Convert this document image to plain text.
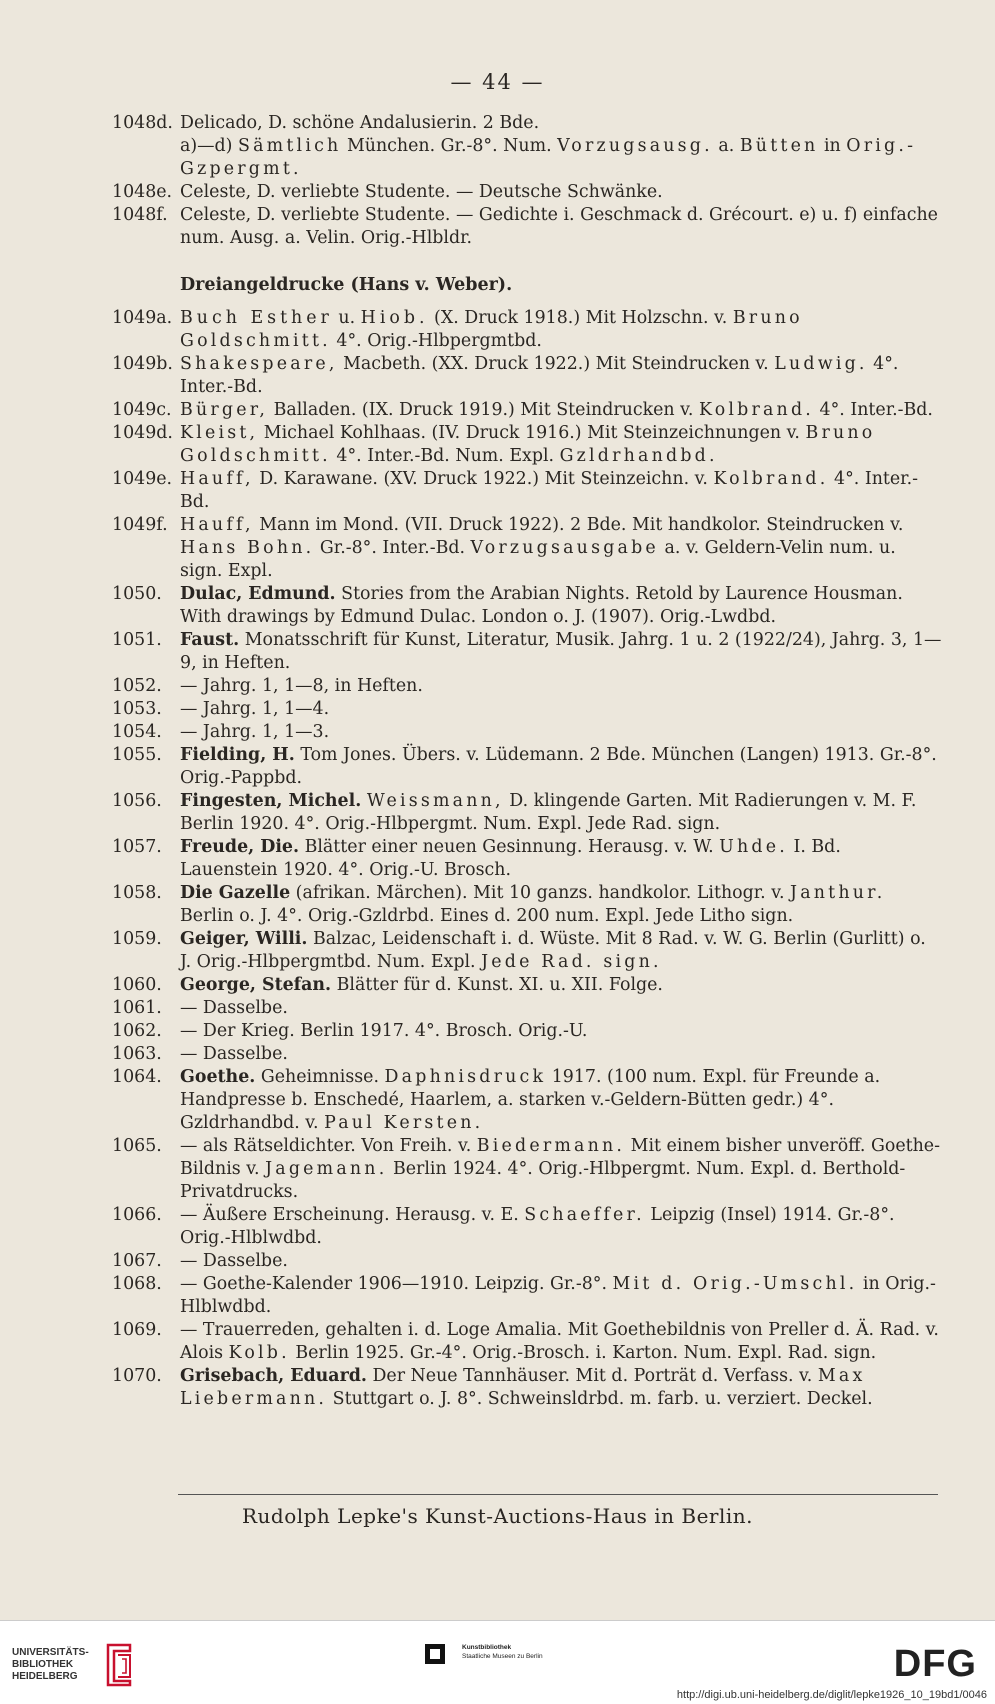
— 44 —
1048d. Delicado, D. schöne Andalusierin. 2 Bde.
a)—d) Sämtlich München. Gr.-8°. Num. Vorzugsausg. a. Bütten in Orig.-Gzpergmt.
1048e. Celeste, D. verliebte Studente. — Deutsche Schwänke.
1048f. Celeste, D. verliebte Studente. — Gedichte i. Geschmack d. Grécourt. e) u. f) einfache num. Ausg. a. Velin. Orig.-Hlbldr.
Dreiangeldrucke (Hans v. Weber).
1049a. Buch Esther u. Hiob. (X. Druck 1918.) Mit Holzschn. v. Bruno Goldschmitt. 4°. Orig.-Hlbpergmtbd.
1049b. Shakespeare, Macbeth. (XX. Druck 1922.) Mit Steindrucken v. Ludwig. 4°. Inter.-Bd.
1049c. Bürger, Balladen. (IX. Druck 1919.) Mit Steindrucken v. Kolbrand. 4°. Inter.-Bd.
1049d. Kleist, Michael Kohlhaas. (IV. Druck 1916.) Mit Steinzeichnungen v. Bruno Goldschmitt. 4°. Inter.-Bd. Num. Expl. Gzldrhandbd.
1049e. Hauff, D. Karawane. (XV. Druck 1922.) Mit Steinzeichn. v. Kolbrand. 4°. Inter.-Bd.
1049f. Hauff, Mann im Mond. (VII. Druck 1922). 2 Bde. Mit handkolor. Steindrucken v. Hans Bohn. Gr.-8°. Inter.-Bd. Vorzugsausgabe a. v. Geldern-Velin num. u. sign. Expl.
1050.	Dulac, Edmund. Stories from the Arabian Nights. Retold by Laurence Housman. With drawings by Edmund Dulac. London o. J. (1907). Orig.-Lwdbd.
1051.	Faust. Monatsschrift für Kunst, Literatur, Musik. Jahrg. 1 u. 2 (1922/24), Jahrg. 3, 1—9, in Heften.
1052.	— Jahrg. 1, 1—8, in Heften.
1053.	— Jahrg. 1, 1—4.
1054.	— Jahrg. 1, 1—3.
1055.	Fielding, H. Tom Jones. Übers. v. Lüdemann. 2 Bde. München (Langen) 1913. Gr.-8°. Orig.-Pappbd.
1056.	Fingesten, Michel. Weissmann, D. klingende Garten. Mit Radierungen v. M. F. Berlin 1920. 4°. Orig.-Hlbpergmt. Num. Expl. Jede Rad. sign.
1057.	Freude, Die. Blätter einer neuen Gesinnung. Herausg. v. W. Uhde. I. Bd. Lauenstein 1920. 4°. Orig.-U. Brosch.
1058.	Die Gazelle (afrikan. Märchen). Mit 10 ganzs. handkolor. Lithogr. v. Janthur. Berlin o. J. 4°. Orig.-Gzldrbd. Eines d. 200 num. Expl. Jede Litho sign.
1059.	Geiger, Willi. Balzac, Leidenschaft i. d. Wüste. Mit 8 Rad. v. W. G. Berlin (Gurlitt) o. J. Orig.-Hlbpergmtbd. Num. Expl. Jede Rad. sign.
1060.	George, Stefan. Blätter für d. Kunst. XI. u. XII. Folge.
1061.	— Dasselbe.
1062.	— Der Krieg. Berlin 1917. 4°. Brosch. Orig.-U.
1063.	— Dasselbe.
1064.	Goethe. Geheimnisse. Daphnisdruck 1917. (100 num. Expl. für Freunde a. Handpresse b. Enschedé, Haarlem, a. starken v.-Geldern-Bütten gedr.) 4°. Gzldrhandbd. v. Paul Kersten.
1065.	— als Rätseldichter. Von Freih. v. Biedermann. Mit einem bisher unveröff. Goethe-Bildnis v. Jagemann. Berlin 1924. 4°. Orig.-Hlbpergmt. Num. Expl. d. Berthold-Privatdrucks.
1066.	— Äußere Erscheinung. Herausg. v. E. Schaeffer. Leipzig (Insel) 1914. Gr.-8°. Orig.-Hlblwdbd.
1067.	— Dasselbe.
1068.	— Goethe-Kalender 1906—1910. Leipzig. Gr.-8°. Mit d. Orig.-Umschl. in Orig.-Hlblwdbd.
1069.	— Trauerreden, gehalten i. d. Loge Amalia. Mit Goethebildnis von Preller d. Ä. Rad. v. Alois Kolb. Berlin 1925. Gr.-4°. Orig.-Brosch. i. Karton. Num. Expl. Rad. sign.
1070.	Grisebach, Eduard. Der Neue Tannhäuser. Mit d. Porträt d. Verfass. v. Max Liebermann. Stuttgart o. J. 8°. Schweinsldrbd. m. farb. u. verziert. Deckel.
Rudolph Lepke's Kunst-Auctions-Haus in Berlin.
UNIVERSITÄTS-
BIBLIOTHEK
HEIDELBERG
Kunstbibliothek
Staatliche Museen zu Berlin	DFG
http://digi.ub.uni-heidelberg.de/diglit/lepke1926_10_19bd1/0046
